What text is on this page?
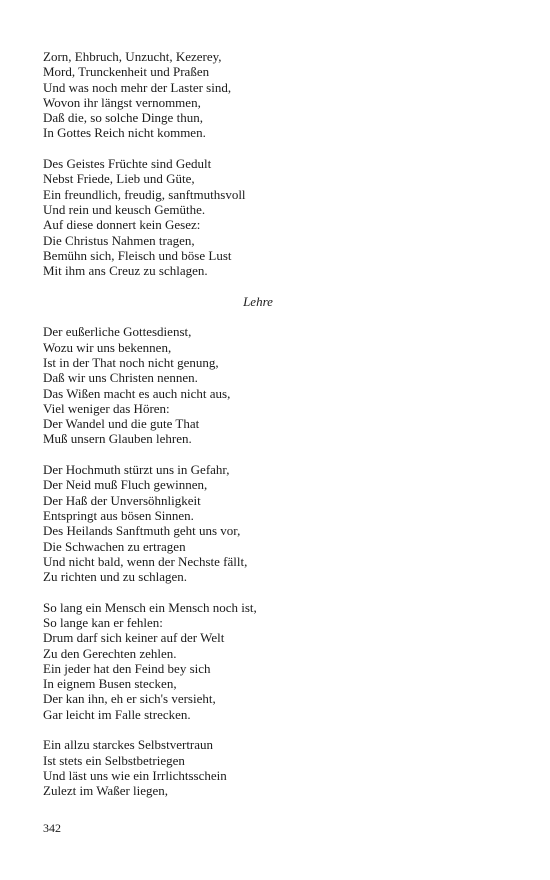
Zorn, Ehbruch, Unzucht, Kezerey,
Mord, Trunckenheit und Praßen
Und was noch mehr der Laster sind,
Wovon ihr längst vernommen,
Daß die, so solche Dinge thun,
In Gottes Reich nicht kommen.
Des Geistes Früchte sind Gedult
Nebst Friede, Lieb und Güte,
Ein freundlich, freudig, sanftmuthsvoll
Und rein und keusch Gemüthe.
Auf diese donnert kein Gesez:
Die Christus Nahmen tragen,
Bemühn sich, Fleisch und böse Lust
Mit ihm ans Creuz zu schlagen.
Lehre
Der eußerliche Gottesdienst,
Wozu wir uns bekennen,
Ist in der That noch nicht genung,
Daß wir uns Christen nennen.
Das Wißen macht es auch nicht aus,
Viel weniger das Hören:
Der Wandel und die gute That
Muß unsern Glauben lehren.
Der Hochmuth stürzt uns in Gefahr,
Der Neid muß Fluch gewinnen,
Der Haß der Unversöhnligkeit
Entspringt aus bösen Sinnen.
Des Heilands Sanftmuth geht uns vor,
Die Schwachen zu ertragen
Und nicht bald, wenn der Nechste fällt,
Zu richten und zu schlagen.
So lang ein Mensch ein Mensch noch ist,
So lange kan er fehlen:
Drum darf sich keiner auf der Welt
Zu den Gerechten zehlen.
Ein jeder hat den Feind bey sich
In eignem Busen stecken,
Der kan ihn, eh er sich's versieht,
Gar leicht im Falle strecken.
Ein allzu starckes Selbstvertraun
Ist stets ein Selbstbetriegen
Und läst uns wie ein Irrlichtsschein
Zulezt im Waßer liegen,
342
